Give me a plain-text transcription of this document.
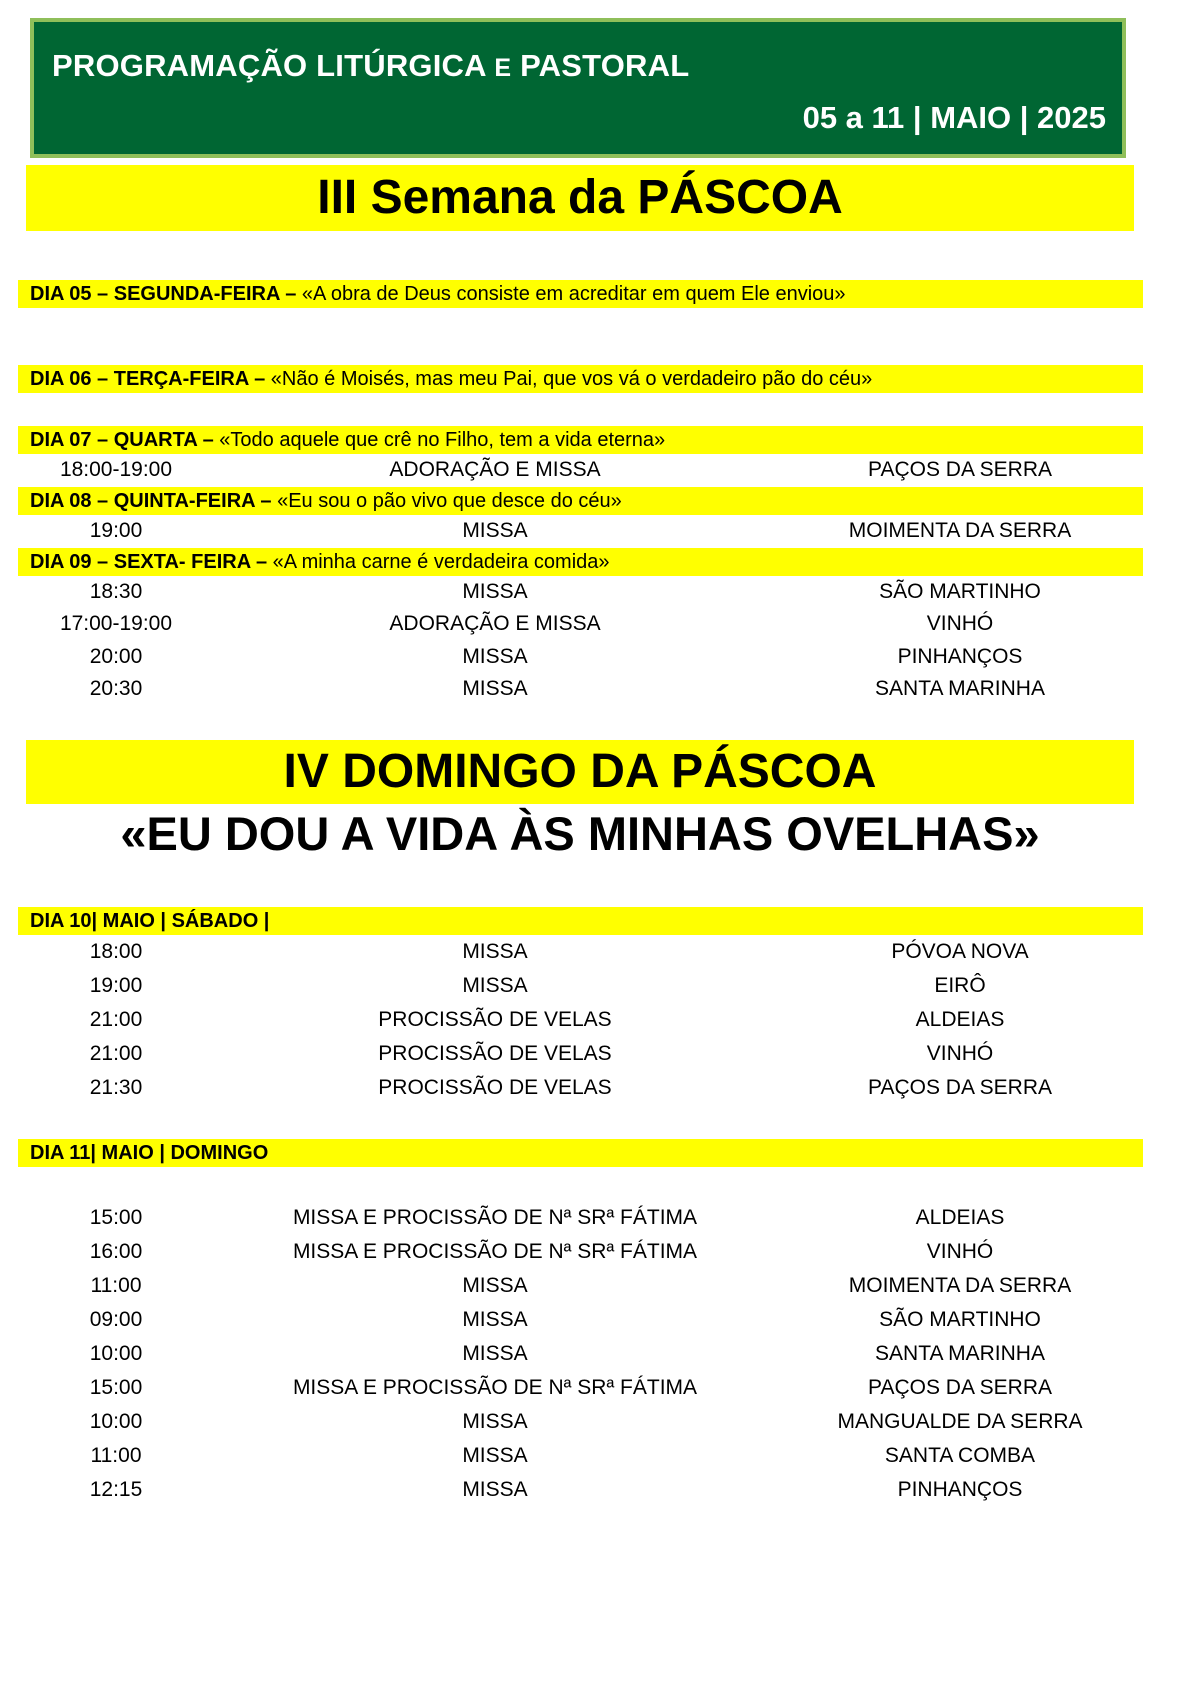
PROGRAMAÇÃO LITÚRGICA E PASTORAL
05 a 11 | MAIO | 2025
III Semana da PÁSCOA
DIA 05 – SEGUNDA-FEIRA – «A obra de Deus consiste em acreditar em quem Ele enviou»
DIA 06 – TERÇA-FEIRA – «Não é Moisés, mas meu Pai, que vos vá o verdadeiro pão do céu»
DIA 07 – QUARTA – «Todo aquele que crê no Filho, tem a vida eterna»
18:00-19:00	ADORAÇÃO E MISSA	PAÇOS DA SERRA
DIA 08 – QUINTA-FEIRA – «Eu sou o pão vivo que desce do céu»
19:00	MISSA	MOIMENTA DA SERRA
DIA 09 – SEXTA- FEIRA – «A minha carne é verdadeira comida»
18:30	MISSA	SÃO MARTINHO
17:00-19:00	ADORAÇÃO E MISSA	VINHÓ
20:00	MISSA	PINHANÇOS
20:30	MISSA	SANTA MARINHA
IV DOMINGO DA PÁSCOA
«EU DOU A VIDA ÀS MINHAS OVELHAS»
DIA 10| MAIO | SÁBADO |
18:00	MISSA	PÓVOA NOVA
19:00	MISSA	EIRÔ
21:00	PROCISSÃO DE VELAS	ALDEIAS
21:00	PROCISSÃO DE VELAS	VINHÓ
21:30	PROCISSÃO DE VELAS	PAÇOS DA SERRA
DIA 11| MAIO | DOMINGO
15:00	MISSA E PROCISSÃO DE Nª SRª FÁTIMA	ALDEIAS
16:00	MISSA E PROCISSÃO DE Nª SRª FÁTIMA	VINHÓ
11:00	MISSA	MOIMENTA DA SERRA
09:00	MISSA	SÃO MARTINHO
10:00	MISSA	SANTA MARINHA
15:00	MISSA E PROCISSÃO DE Nª SRª FÁTIMA	PAÇOS DA SERRA
10:00	MISSA	MANGUALDE DA SERRA
11:00	MISSA	SANTA COMBA
12:15	MISSA	PINHANÇOS
